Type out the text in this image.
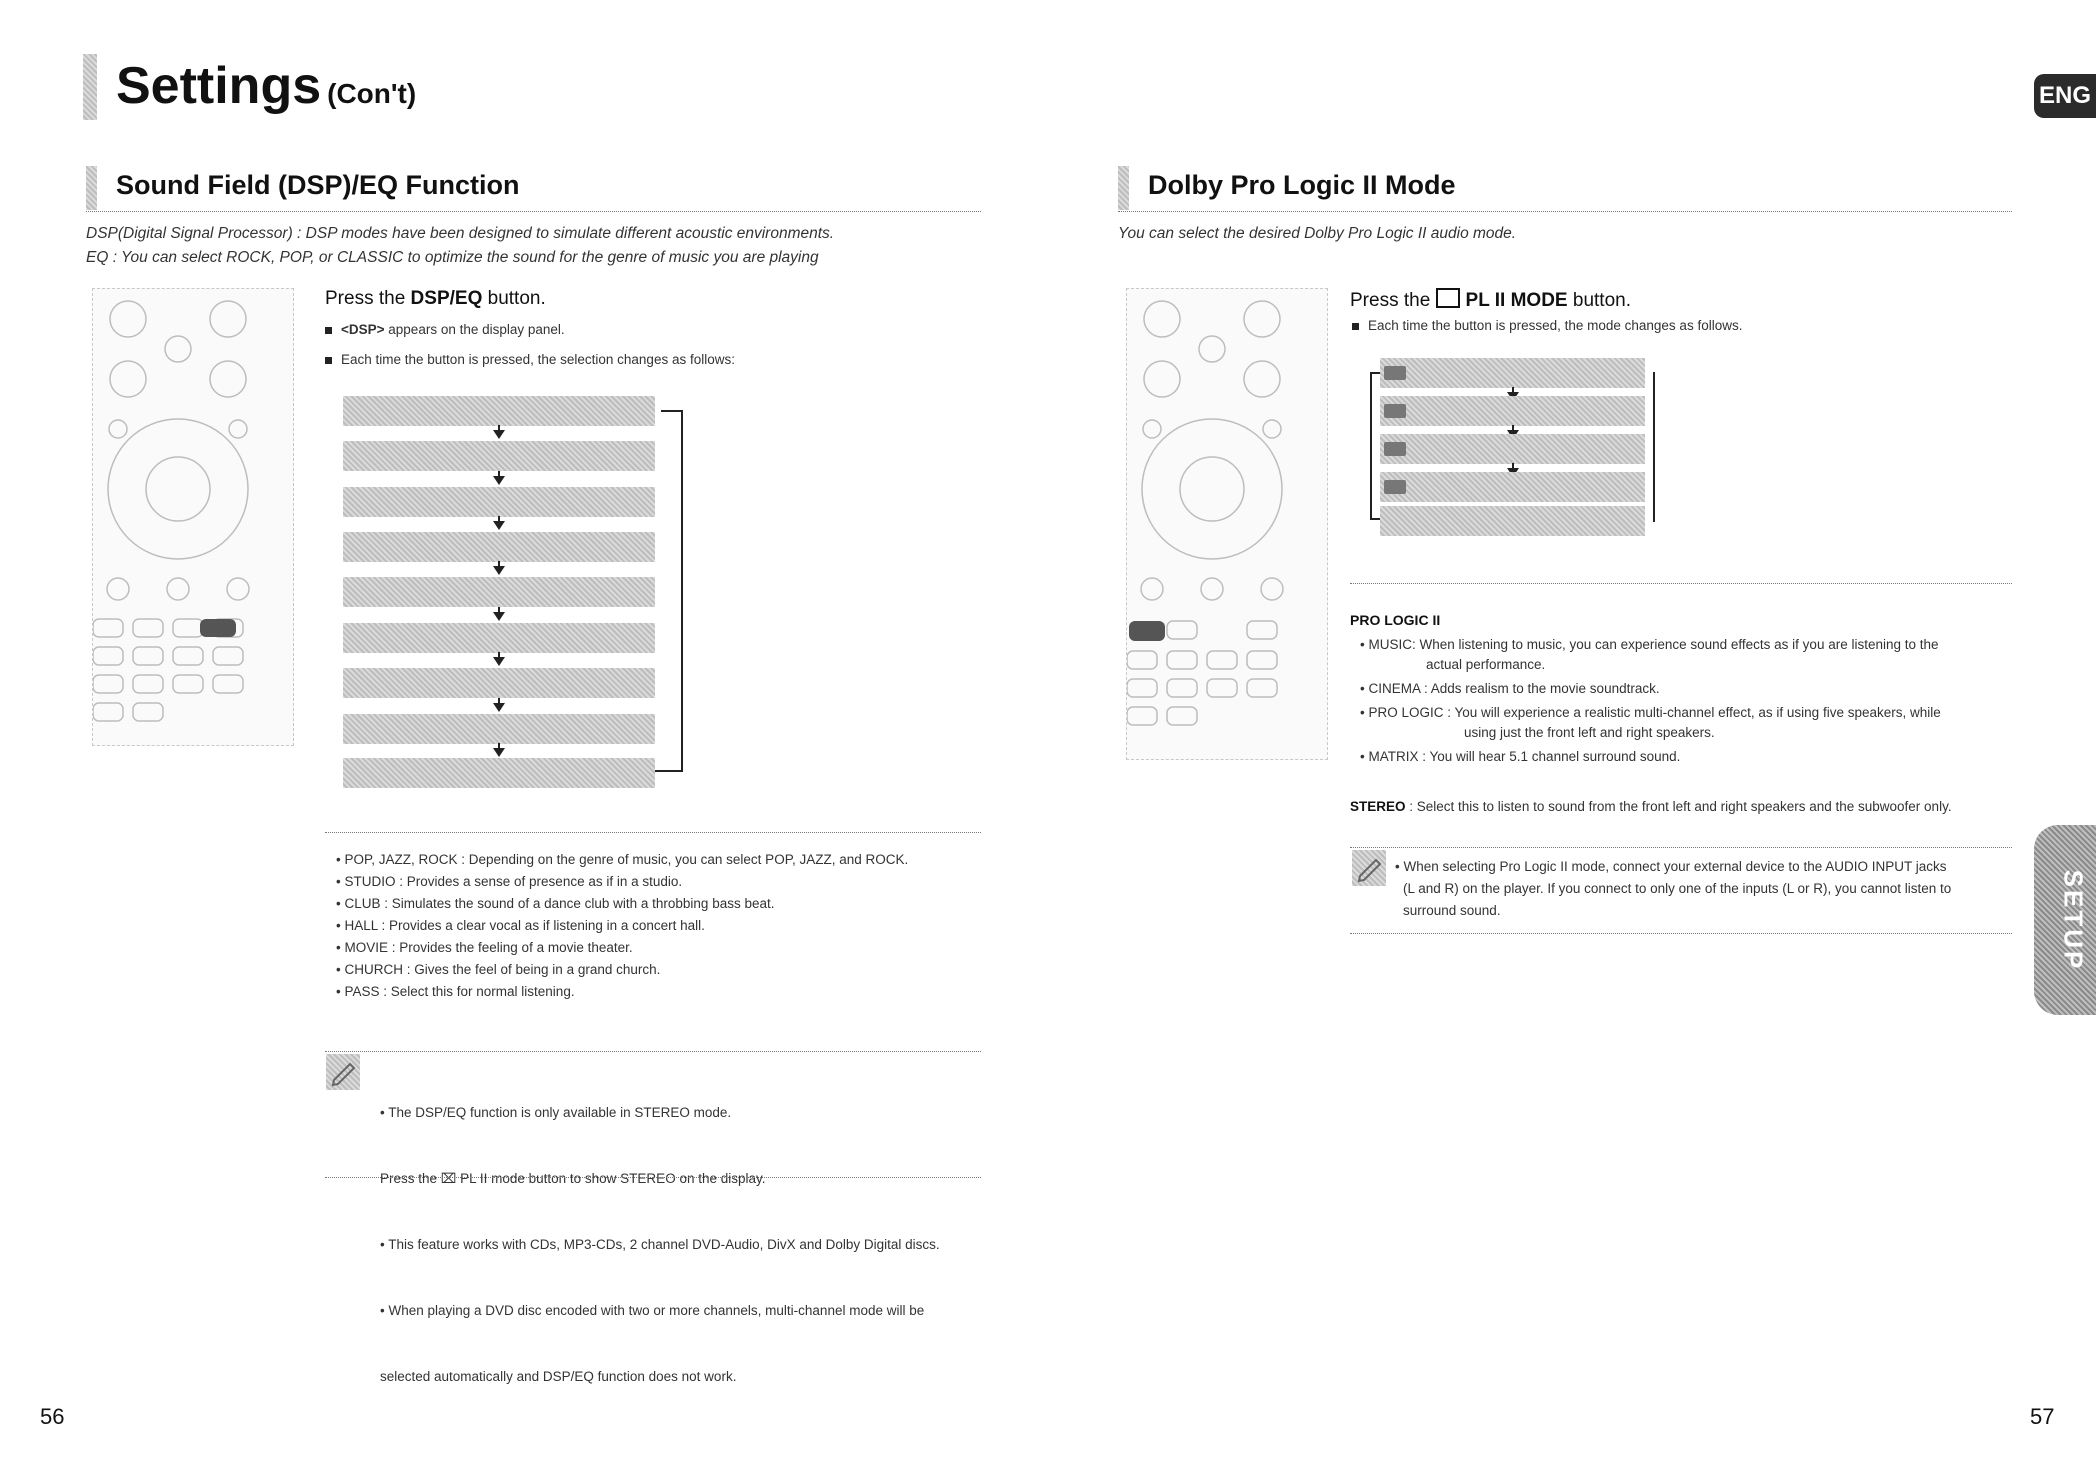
Settings (Con't)	ENG
Sound Field (DSP)/EQ Function
DSP(Digital Signal Processor) : DSP modes have been designed to simulate different acoustic environments.
EQ : You can select ROCK, POP, or CLASSIC to optimize the sound for the genre of music you are playing
Press the DSP/EQ button.
<DSP> appears on the display panel.
Each time the button is pressed, the selection changes as follows:
• POP, JAZZ, ROCK : Depending on the genre of music, you can select POP, JAZZ, and ROCK.
• STUDIO : Provides a sense of presence as if in a studio.
• CLUB : Simulates the sound of a dance club with a throbbing bass beat.
• HALL : Provides a clear vocal as if listening in a concert hall.
• MOVIE : Provides the feeling of a movie theater.
• CHURCH : Gives the feel of being in a grand church.
• PASS : Select this for normal listening.

• The DSP/EQ function is only available in STEREO mode.

Press the ⌧ PL II mode button to show STEREO on the display.

• This feature works with CDs, MP3-CDs, 2 channel DVD-Audio, DivX and Dolby Digital discs.

• When playing a DVD disc encoded with two or more channels, multi-channel mode will be

selected automatically and DSP/EQ function does not work.

56
Dolby Pro Logic II Mode
You can select the desired Dolby Pro Logic II audio mode.
Press the PL II MODE button.
Each time the button is pressed, the mode changes as follows.
PRO LOGIC II
• MUSIC: When listening to music, you can experience sound effects as if you are listening to the
actual performance.
• CINEMA : Adds realism to the movie soundtrack.
• PRO LOGIC : You will experience a realistic multi-channel effect, as if using five speakers, while
using just the front left and right speakers.
• MATRIX : You will hear 5.1 channel surround sound.
STEREO : Select this to listen to sound from the front left and right speakers and the subwoofer only.
• When selecting Pro Logic II mode, connect your external device to the AUDIO INPUT jacks
(L and R) on the player. If you connect to only one of the inputs (L or R), you cannot listen to
surround sound.	SETUP
57
